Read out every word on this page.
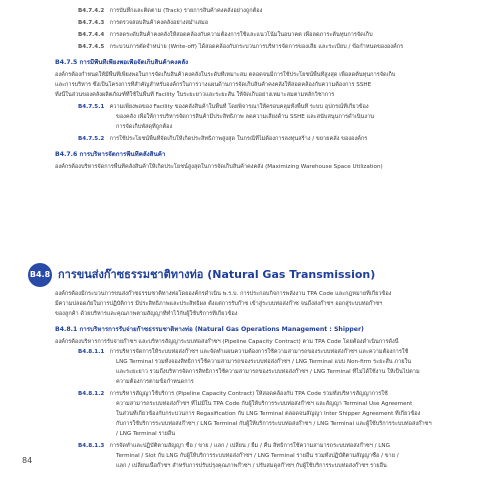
B4.7.4.2 การบันทึกและติดตาม (Track) รายการสินค้าคงคลังอย่างถูกต้อง
B4.7.4.3 การตรวจสอบสินค้าคงคลังอย่างสม่ำเสมอ
B4.7.4.4 การลดระดับสินค้าคงคลังให้สอดคล้องกับความต้องการใช้และแนวโน้มในอนาคต เพื่อลดภาระต้นทุนการจัดเก็บ
B4.7.4.5 กระบวนการตัดจำหน่าย (Write-off) ได้สอดคล้องกับกระบวนการบริหารจัดการของเสีย และระเบียบ / ข้อกำหนดขององค์กร
B4.7.5 การมีพื้นที่เพียงพอเพื่อจัดเก็บสินค้าคงคลัง
องค์กรต้องกำหนดให้มีพื้นที่เพียงพอในการจัดเก็บสินค้าคงคลังในระดับที่เหมาะสม ตลอดจนมีการใช้ประโยชน์พื้นที่สูงสุด เพื่อลดต้นทุนการจัดเก็บ
และการบริหาร ซึ่งเป็นโครงการที่สำคัญสำหรับองค์กรในการวางแผนด้านการจัดเก็บสินค้าคงคลังให้สอดคล้องกับความต้องการ SSHE
ทั้งนี้ในส่วนของคลังผลิตภัณฑ์ที่ใช้ในพื้นที่ Facility ในระยะยาวและระยะสั้น ให้จัดเก็บอย่างเหมาะสมตามหลักวิชาการ
B4.7.5.1 ความเพียงพอของ Facility ของคลังสินค้าในพื้นที่ โดยพิจารณาให้ครอบคลุมทั้งพื้นที่ ระบบ อุปกรณ์ที่เกี่ยวข้อง
ของคลัง เพื่อให้การบริหารจัดการสินค้ามีประสิทธิภาพ ลดความเสี่ยงด้าน SSHE และสนับสนุนการดำเนินงาน
การจัดเก็บพัสดุที่ถูกต้อง
B4.7.5.2 การใช้ประโยชน์พื้นที่จัดเก็บให้เกิดประสิทธิภาพสูงสุด ในกรณีที่ไม่ต้องการลงทุนสร้าง / ขยายคลัง ขององค์กร
B4.7.6 การบริหารจัดการพื้นที่คลังสินค้า
องค์กรต้องบริหารจัดการพื้นที่คลังสินค้าให้เกิดประโยชน์สูงสุดในการจัดเก็บสินค้าคงคลัง (Maximizing Warehouse Space Utilization)
B4.8 การขนส่งก๊าซธรรมชาติทางท่อ (Natural Gas Transmission)
องค์กรต้องมีกระบวนการขนส่งก๊าซธรรมชาติทางท่อโดยองค์กรดำเนิน พ.ร.บ. การประกอบกิจการพลังงาน TPA Code และกฎหมายที่เกี่ยวข้อง
มีความปลอดภัยในการปฏิบัติการ มีประสิทธิภาพและประสิทธิผล ตั้งแต่การรับก๊าซ เข้าสู่ระบบท่อส่งก๊าซ จนถึงส่งก๊าซฯ ออกสู่ระบบท่อก๊าซฯ
ของลูกค้า ด้วยบริหารและคุณภาพตามสัญญาที่ทำไว้กับผู้ใช้บริการที่เกี่ยวข้อง
B4.8.1 การบริหารการรับจ่ายก๊าซธรรมชาติทางท่อ (Natural Gas Operations Management : Shipper)
องค์กรต้องบริหารการรับจ่ายก๊าซฯ และบริหารสัญญาระบบท่อส่งก๊าซฯ (Pipeline Capacity Contract) ตาม TPA Code โดยต้องดำเนินการดังนี้
B4.8.1.1 การบริหารจัดการให้ระบบท่อส่งก๊าซฯ และจัดทำแผนความต้องการใช้ความสามารถของระบบท่อส่งก๊าซฯ และความต้องการใช้
LNG Terminal รวมทั้งจองสิทธิการใช้ความสามารถของระบบท่อส่งก๊าซฯ / LNG Terminal แบบ Non-firm ระยะสั้น ภายใน
และระยะยาว รวมถึงบริหารจัดการสิทธิการใช้ความสามารถของระบบท่อส่งก๊าซฯ / LNG Terminal ที่ไม่ได้ใช้งาน ให้เป็นไปตาม
ความต้องการตามข้อกำหนดการ
B4.8.1.2 การบริหารสัญญาใช้บริการ (Pipeline Capacity Contract) ให้สอดคล้องกับ TPA Code รวมทั้งบริหารสัญญาการใช้
ความสามารถระบบท่อส่งก๊าซฯ ที่ไม่มีใน TPA Code กับผู้ให้บริการระบบท่อส่งก๊าซฯ และสัญญา Terminal Use Agreement
ในส่วนที่เกี่ยวข้องกับกระบวนการ Regasification กับ LNG Terminal ตลอดจนสัญญา Inter Shipper Agreement ที่เกี่ยวข้อง
กับการใช้บริการระบบท่อส่งก๊าซฯ / LNG Terminal กับผู้ให้บริการระบบท่อส่งก๊าซฯ / LNG Terminal และผู้ใช้บริการระบบท่อส่งก๊าซฯ
/ LNG Terminal รายอื่น
B4.8.1.3 การจัดทำและปฏิบัติตามสัญญา ซื้อ / ขาย / แลก / เปลี่ยน / ยืม / คืน สิทธิการใช้ความสามารถระบบท่อส่งก๊าซฯ / LNG
Terminal / Slot กับ LNG กับผู้ให้บริการระบบท่อส่งก๊าซฯ / LNG Terminal รายอื่น รวมทั้งปฏิบัติตามสัญญาซื้อ / ขาย /
แลก / เปลี่ยนเนื้อก๊าซฯ สำหรับการปรับปรุงคุณภาพก๊าซฯ / ปรับสมดุลก๊าซฯ กับผู้ใช้บริการระบบท่อส่งก๊าซฯ รายอื่น
84
